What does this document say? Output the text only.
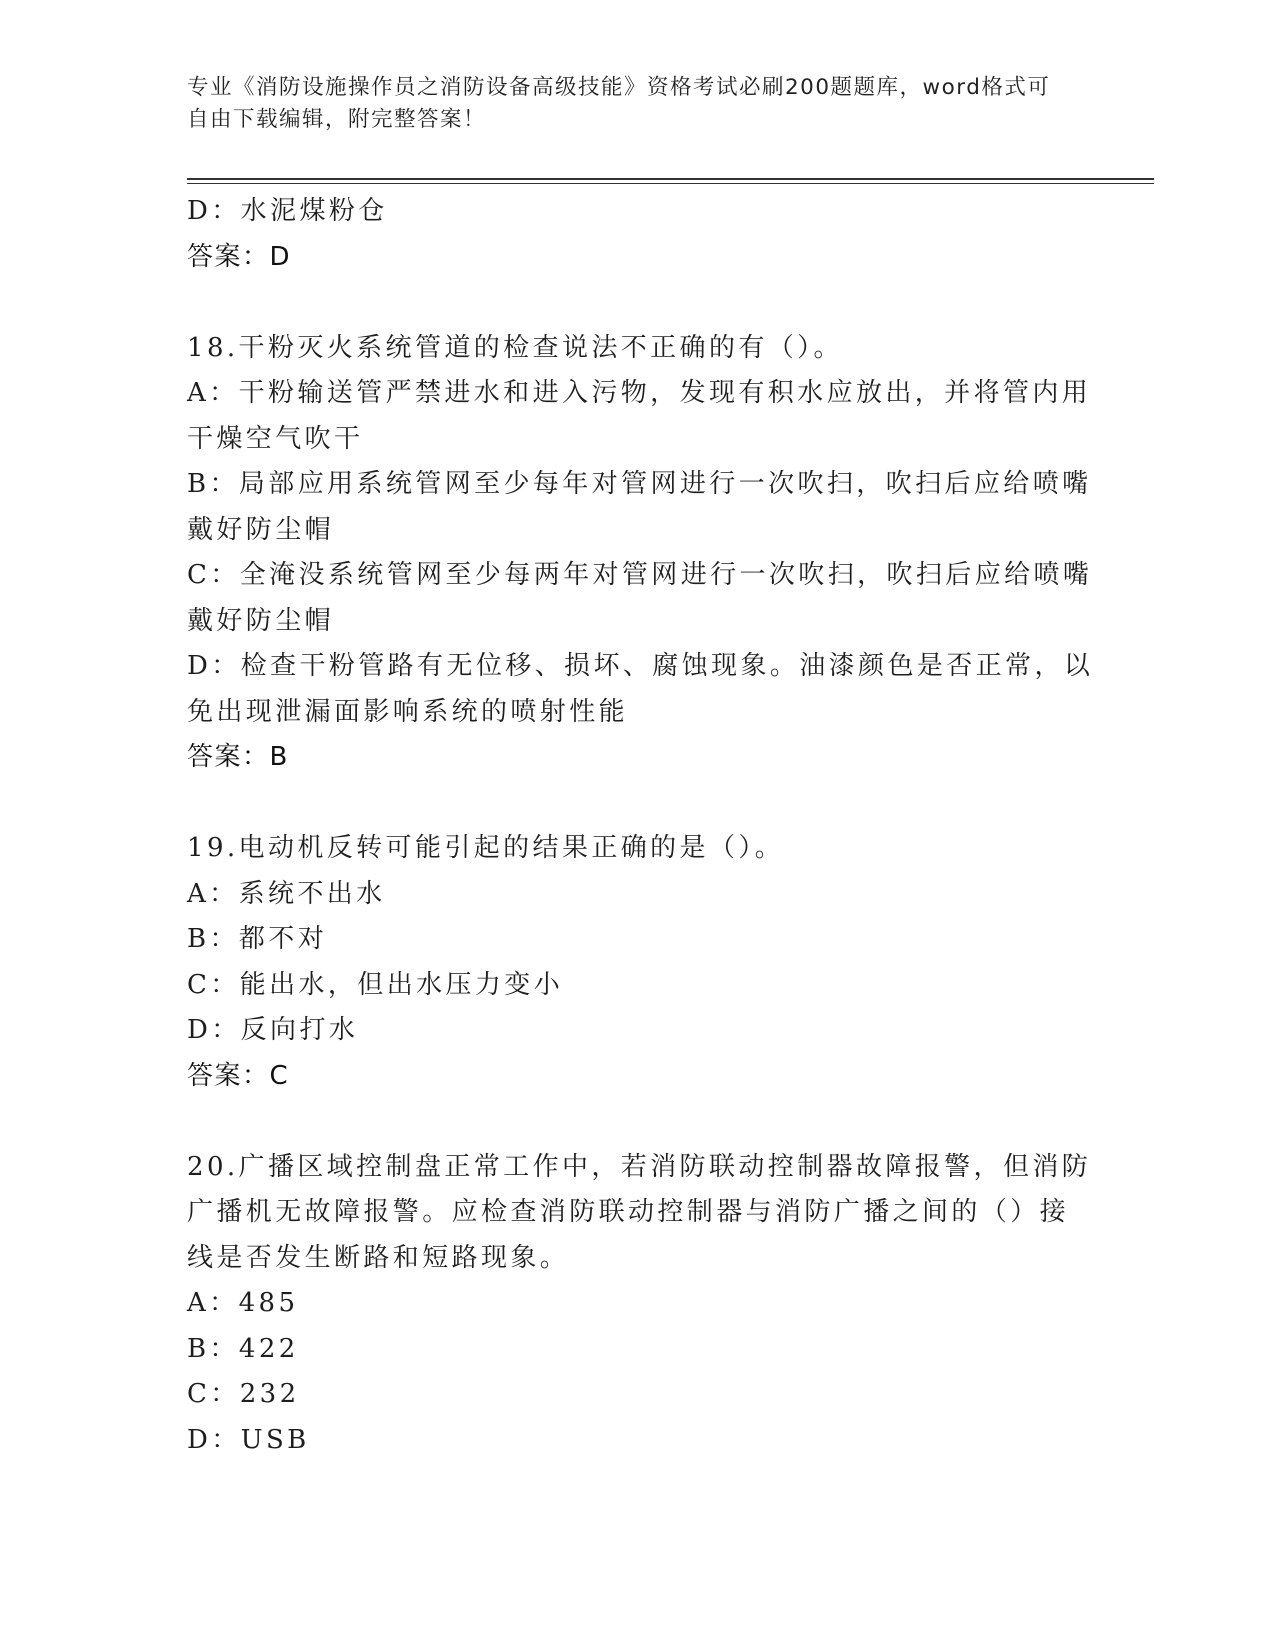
专业《消防设施操作员之消防设备高级技能》资格考试必刷200题题库，word格式可自由下载编辑，附完整答案！
D：水泥煤粉仓
答案：D
18.干粉灭火系统管道的检查说法不正确的有（）。
A：干粉输送管严禁进水和进入污物，发现有积水应放出，并将管内用
干燥空气吹干
B：局部应用系统管网至少每年对管网进行一次吹扫，吹扫后应给喷嘴
戴好防尘帽
C：全淹没系统管网至少每两年对管网进行一次吹扫，吹扫后应给喷嘴
戴好防尘帽
D：检查干粉管路有无位移、损坏、腐蚀现象。油漆颜色是否正常，以
免出现泄漏面影响系统的喷射性能
答案：B
19.电动机反转可能引起的结果正确的是（）。
A：系统不出水
B：都不对
C：能出水，但出水压力变小
D：反向打水
答案：C
20.广播区域控制盘正常工作中，若消防联动控制器故障报警，但消防
广播机无故障报警。应检查消防联动控制器与消防广播之间的（）接
线是否发生断路和短路现象。
A：485
B：422
C：232
D：USB
